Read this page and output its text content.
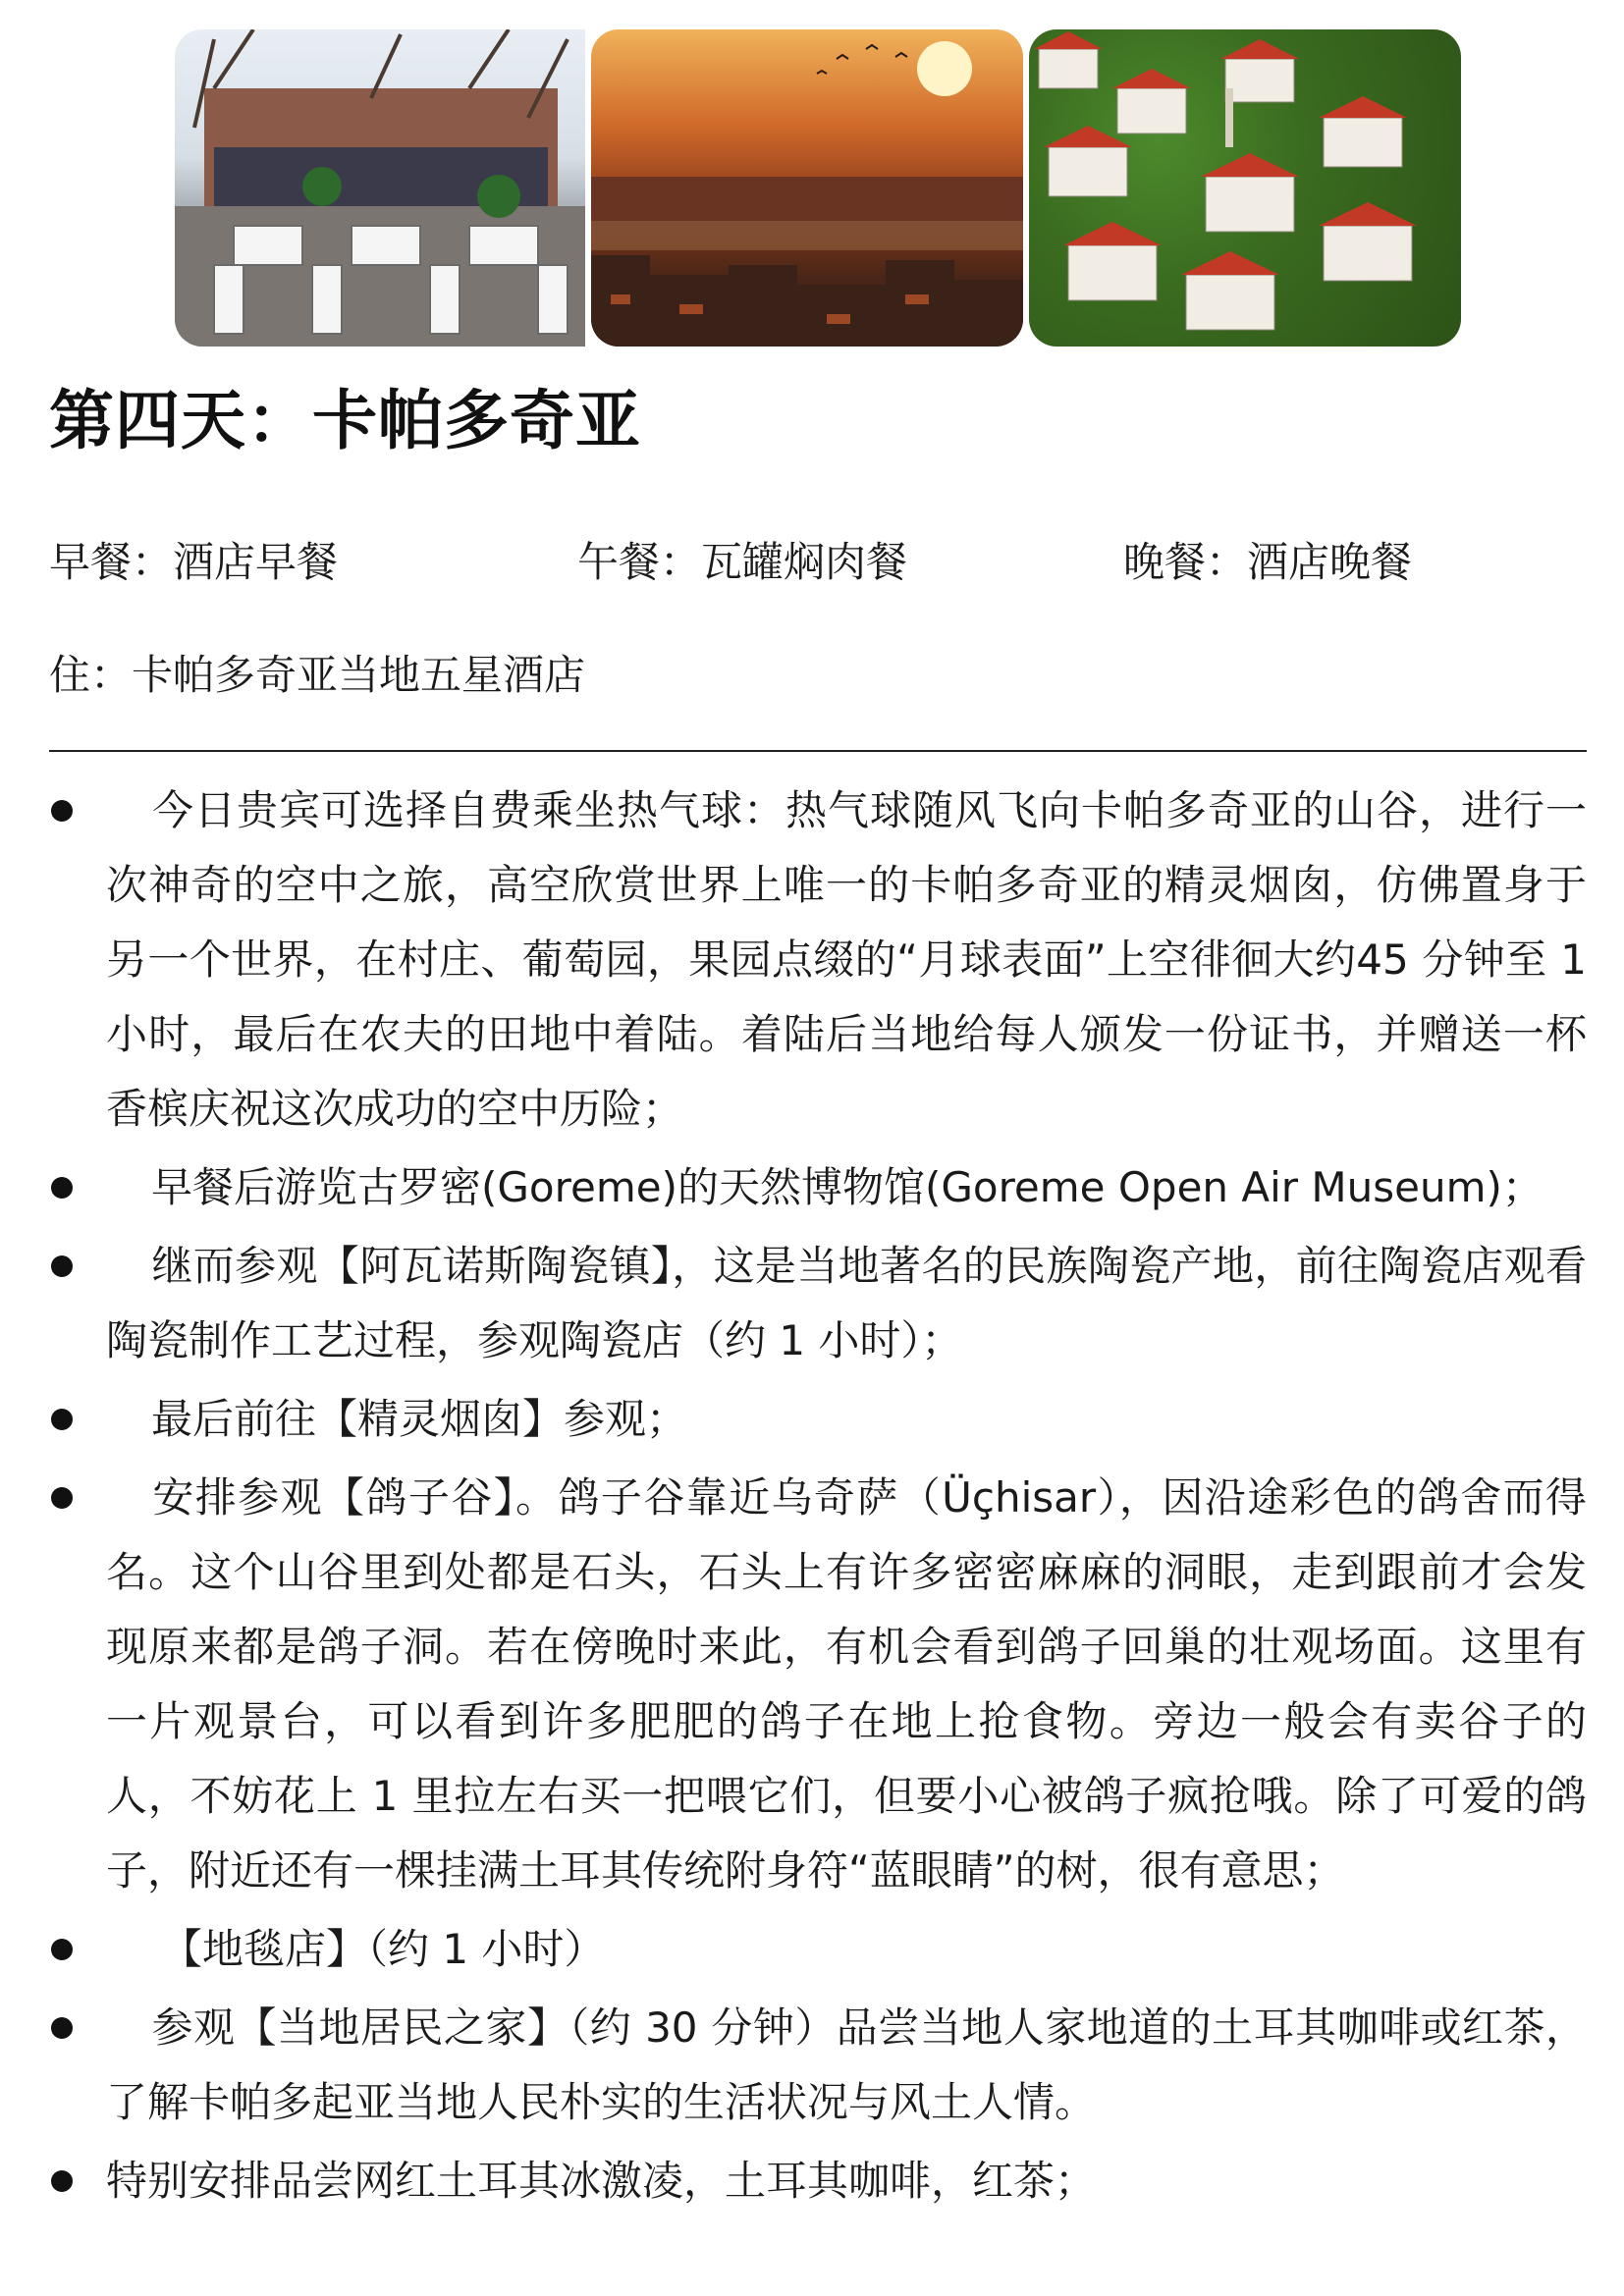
第四天：卡帕多奇亚
早餐：酒店早餐	午餐：瓦罐焖肉餐	晚餐：酒店晚餐
住：卡帕多奇亚当地五星酒店
今日贵宾可选择自费乘坐热气球：热气球随风飞向卡帕多奇亚的山谷，进行一次神奇的空中之旅，高空欣赏世界上唯一的卡帕多奇亚的精灵烟囱，仿佛置身于另一个世界，在村庄、葡萄园，果园点缀的“月球表面”上空徘徊大约45 分钟至 1 小时，最后在农夫的田地中着陆。着陆后当地给每人颁发一份证书，并赠送一杯香槟庆祝这次成功的空中历险；
早餐后游览古罗密(Goreme)的天然博物馆(Goreme Open Air Museum)；
继而参观【阿瓦诺斯陶瓷镇】，这是当地著名的民族陶瓷产地，前往陶瓷店观看陶瓷制作工艺过程，参观陶瓷店（约 1 小时）；
最后前往【精灵烟囱】参观；
安排参观【鸽子谷】。鸽子谷靠近乌奇萨（Üçhisar），因沿途彩色的鸽舍而得名。这个山谷里到处都是石头，石头上有许多密密麻麻的洞眼，走到跟前才会发现原来都是鸽子洞。若在傍晚时来此，有机会看到鸽子回巢的壮观场面。这里有一片观景台，可以看到许多肥肥的鸽子在地上抢食物。旁边一般会有卖谷子的人，不妨花上 1 里拉左右买一把喂它们，但要小心被鸽子疯抢哦。除了可爱的鸽子，附近还有一棵挂满土耳其传统附身符“蓝眼睛”的树，很有意思；
【地毯店】（约 1 小时）
参观【当地居民之家】（约 30 分钟）品尝当地人家地道的土耳其咖啡或红茶，了解卡帕多起亚当地人民朴实的生活状况与风土人情。
特别安排品尝网红土耳其冰激凌，土耳其咖啡，红茶；
